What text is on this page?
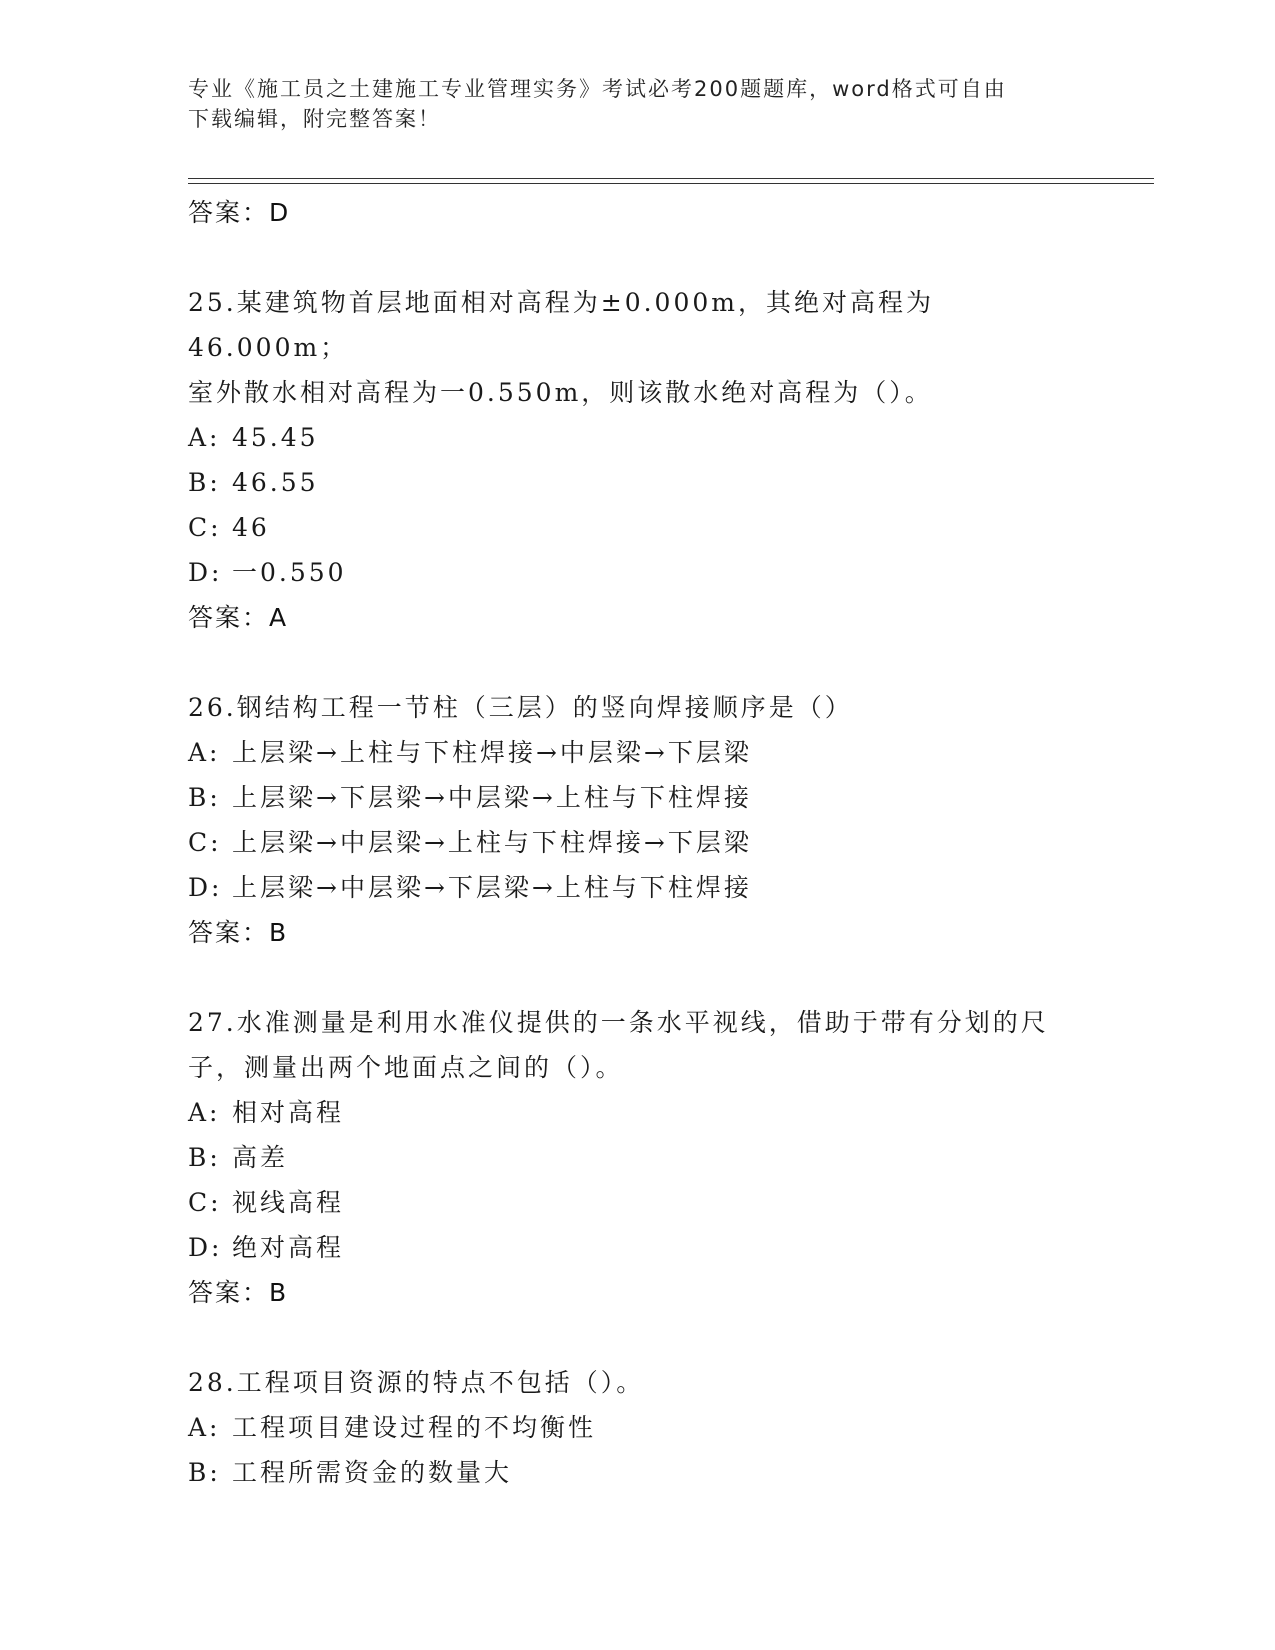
专业《施工员之土建施工专业管理实务》考试必考200题题库，word格式可自由
下载编辑，附完整答案！
答案：D
25.某建筑物首层地面相对高程为±0.000m，其绝对高程为46.000m；
室外散水相对高程为一0.550m，则该散水绝对高程为（）。
A: 45.45
B: 46.55
C: 46
D: 一0.550
答案：A
26.钢结构工程一节柱（三层）的竖向焊接顺序是（）
A: 上层梁→上柱与下柱焊接→中层梁→下层梁
B: 上层梁→下层梁→中层梁→上柱与下柱焊接
C: 上层梁→中层梁→上柱与下柱焊接→下层梁
D: 上层梁→中层梁→下层梁→上柱与下柱焊接
答案：B
27.水准测量是利用水准仪提供的一条水平视线，借助于带有分划的尺
子，测量出两个地面点之间的（）。
A: 相对高程
B: 高差
C: 视线高程
D: 绝对高程
答案：B
28.工程项目资源的特点不包括（）。
A: 工程项目建设过程的不均衡性
B: 工程所需资金的数量大
